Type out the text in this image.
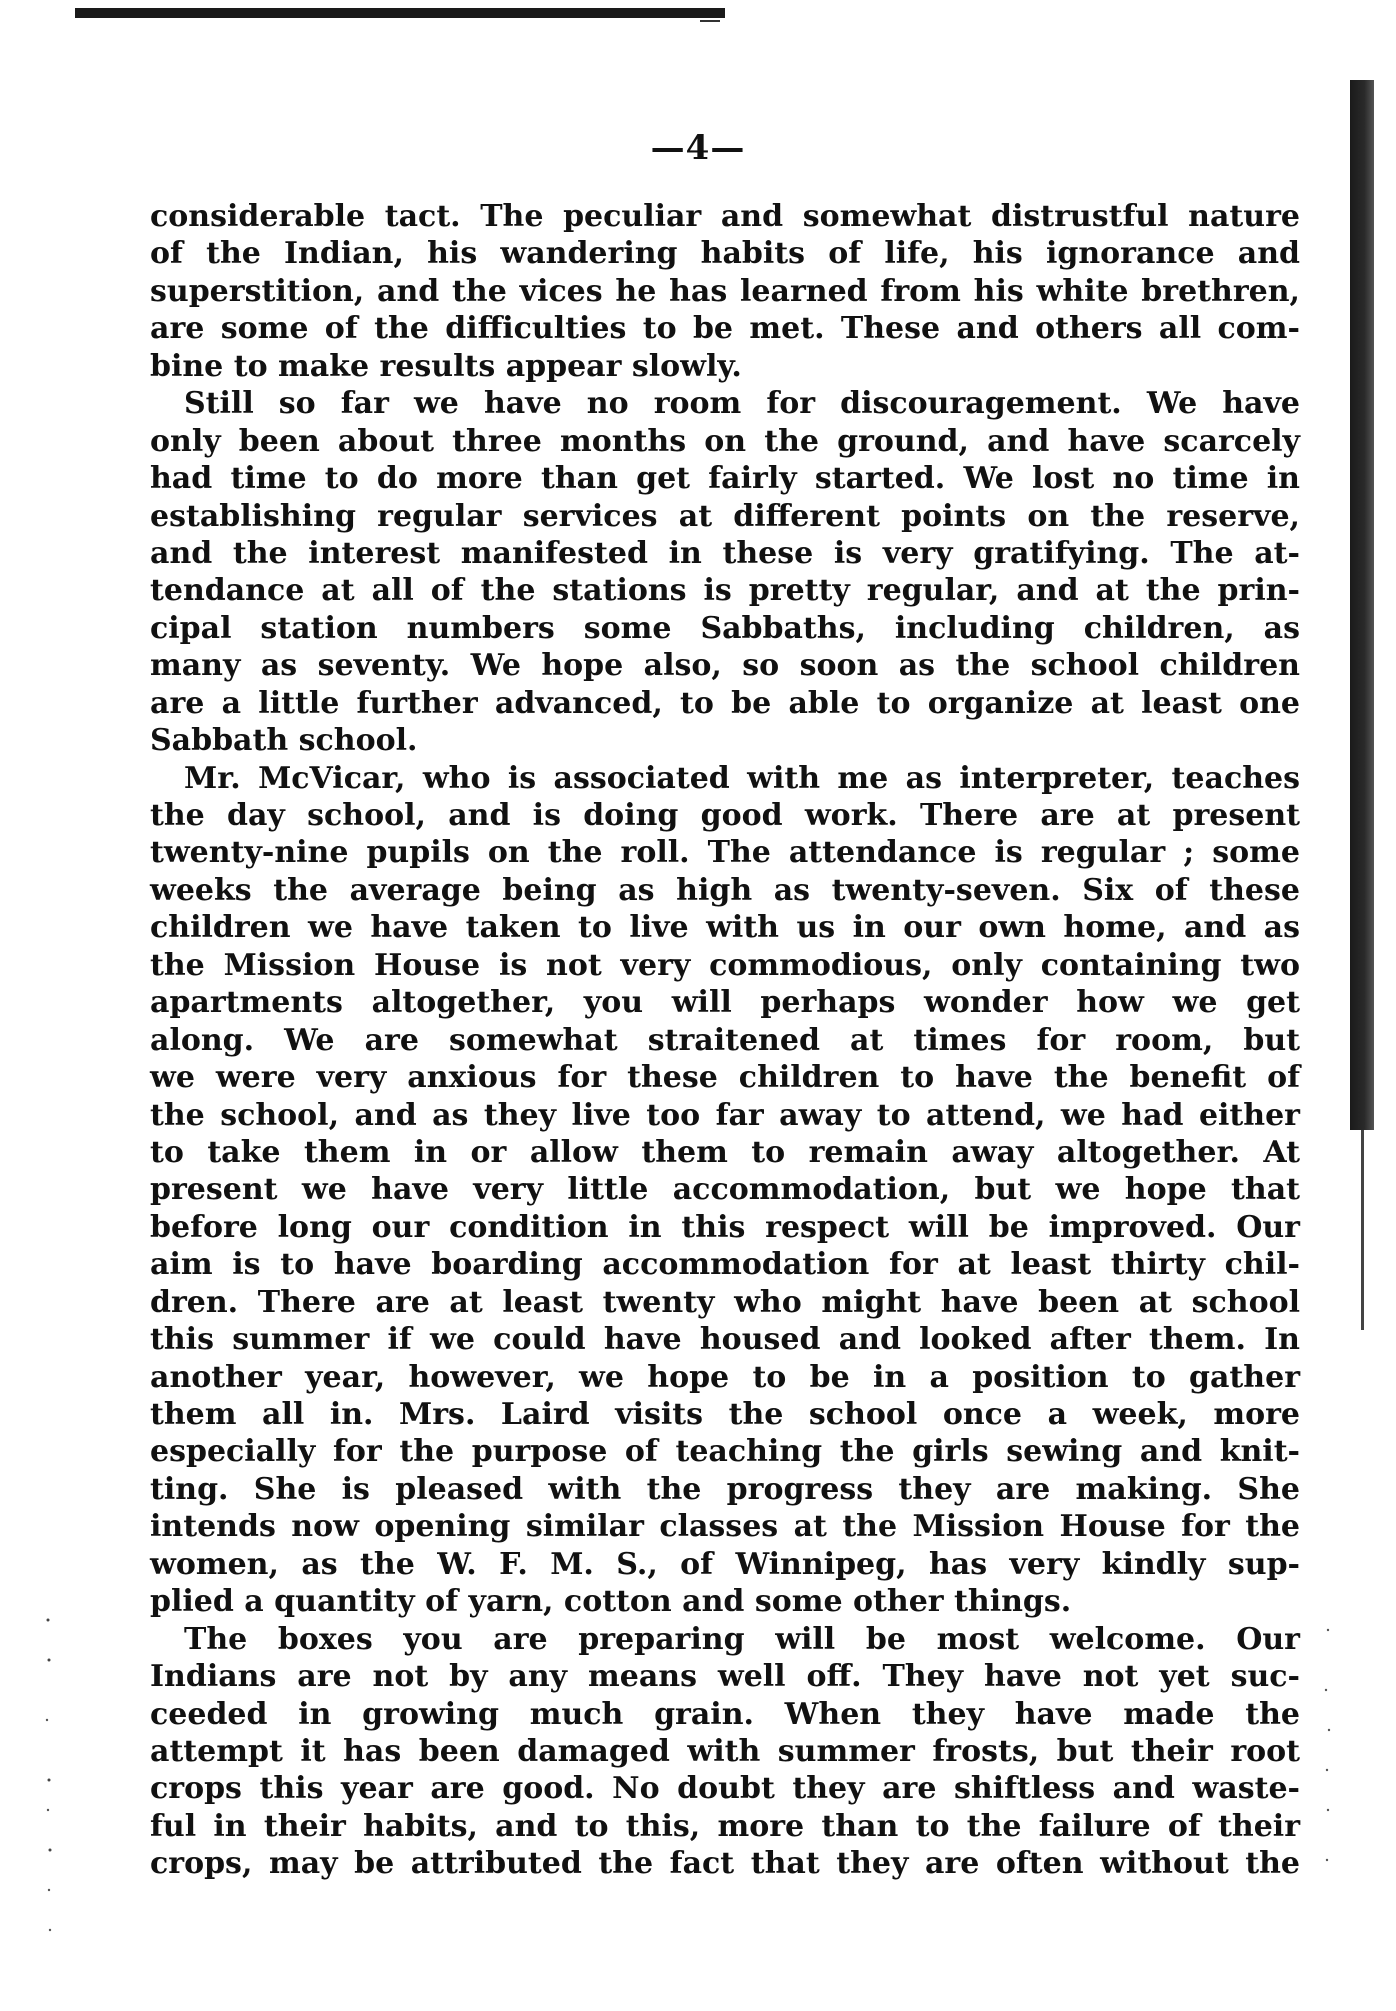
—4—
considerable tact. The peculiar and somewhat distrustful nature
of the Indian, his wandering habits of life, his ignorance and
superstition, and the vices he has learned from his white brethren,
are some of the difficulties to be met. These and others all com-
bine to make results appear slowly.
Still so far we have no room for discouragement. We have
only been about three months on the ground, and have scarcely
had time to do more than get fairly started. We lost no time in
establishing regular services at different points on the reserve,
and the interest manifested in these is very gratifying. The at-
tendance at all of the stations is pretty regular, and at the prin-
cipal station numbers some Sabbaths, including children, as
many as seventy. We hope also, so soon as the school children
are a little further advanced, to be able to organize at least one
Sabbath school.
Mr. McVicar, who is associated with me as interpreter, teaches
the day school, and is doing good work. There are at present
twenty-nine pupils on the roll. The attendance is regular ; some
weeks the average being as high as twenty-seven. Six of these
children we have taken to live with us in our own home, and as
the Mission House is not very commodious, only containing two
apartments altogether, you will perhaps wonder how we get
along. We are somewhat straitened at times for room, but
we were very anxious for these children to have the benefit of
the school, and as they live too far away to attend, we had either
to take them in or allow them to remain away altogether. At
present we have very little accommodation, but we hope that
before long our condition in this respect will be improved. Our
aim is to have boarding accommodation for at least thirty chil-
dren. There are at least twenty who might have been at school
this summer if we could have housed and looked after them. In
another year, however, we hope to be in a position to gather
them all in. Mrs. Laird visits the school once a week, more
especially for the purpose of teaching the girls sewing and knit-
ting. She is pleased with the progress they are making. She
intends now opening similar classes at the Mission House for the
women, as the W. F. M. S., of Winnipeg, has very kindly sup-
plied a quantity of yarn, cotton and some other things.
The boxes you are preparing will be most welcome. Our
Indians are not by any means well off. They have not yet suc-
ceeded in growing much grain. When they have made the
attempt it has been damaged with summer frosts, but their root
crops this year are good. No doubt they are shiftless and waste-
ful in their habits, and to this, more than to the failure of their
crops, may be attributed the fact that they are often without the
